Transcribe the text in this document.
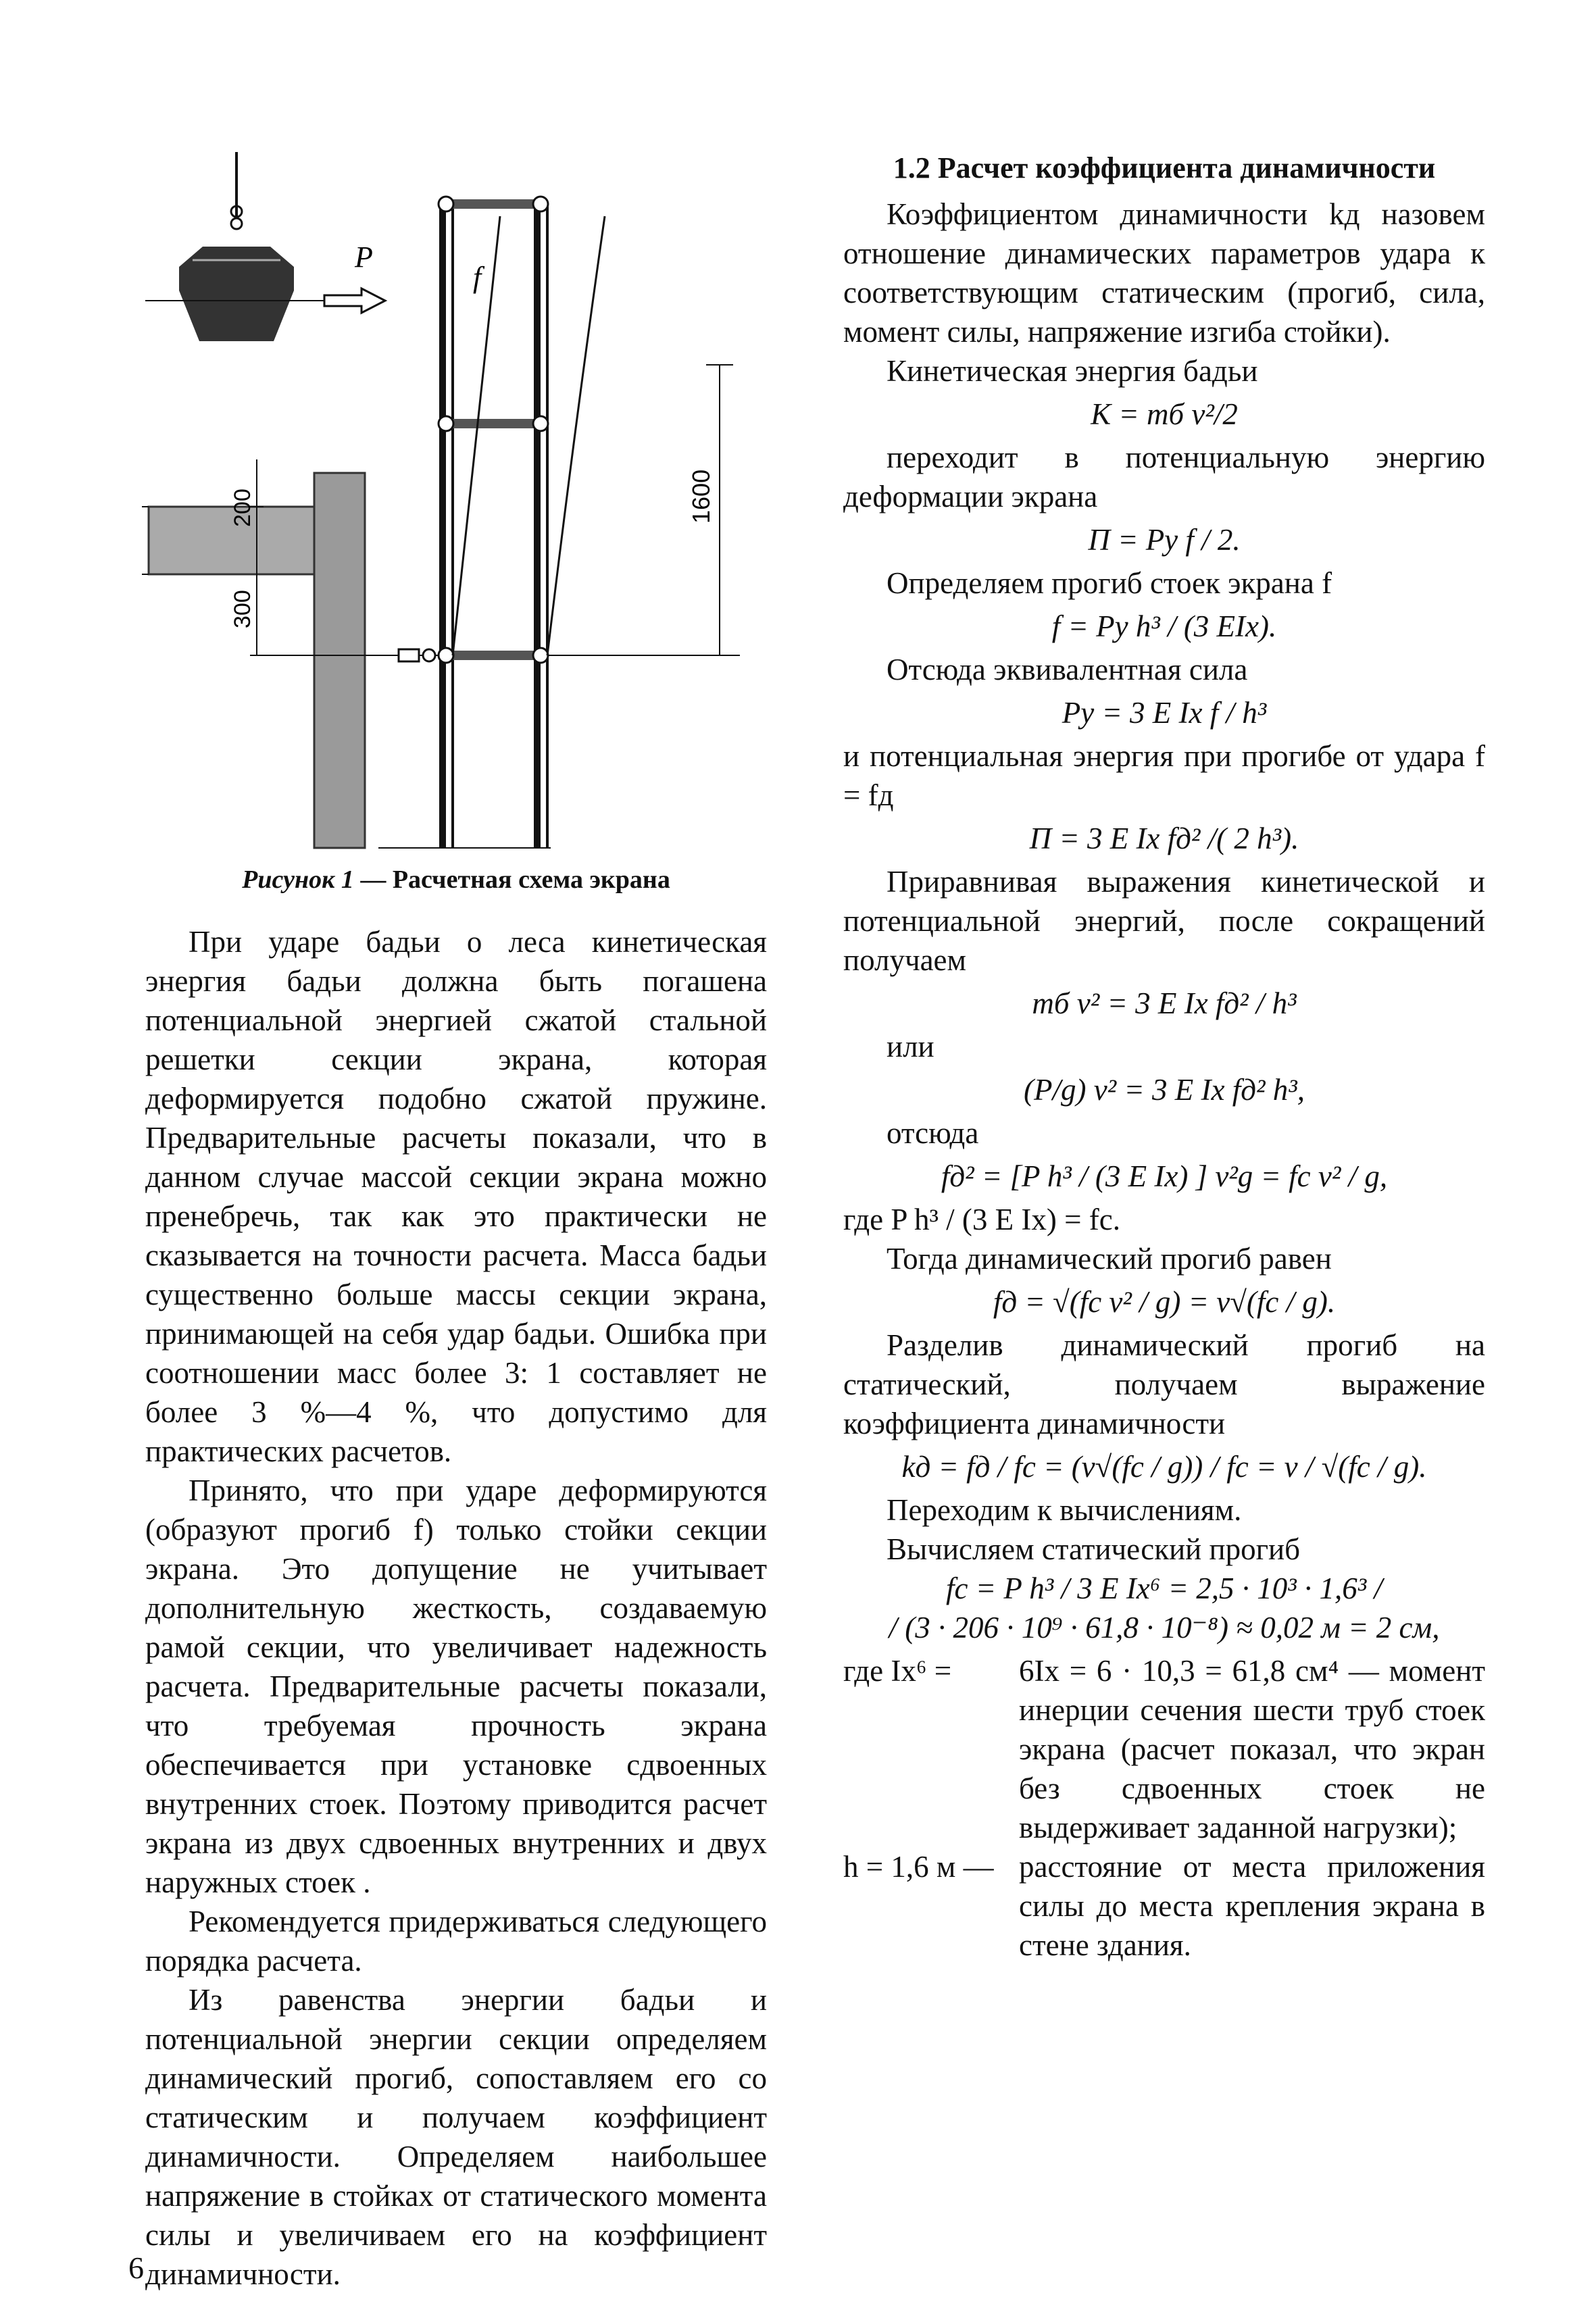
P
200
300
f
1600
Рисунок 1 — Расчетная схема экрана

При ударе бадьи о леса кинетическая энергия бадьи должна быть погашена потенциальной энергией сжатой стальной решетки секции экрана, которая деформируется подобно сжатой пружине. Предварительные расчеты показали, что в данном случае массой секции экрана можно пренебречь, так как это практически не сказывается на точности расчета. Масса бадьи существенно больше массы секции экрана, принимающей на себя удар бадьи. Ошибка при соотношении масс более 3: 1 составляет не более 3 %—4 %, что допустимо для практических расчетов.

Принято, что при ударе деформируются (образуют прогиб f) только стойки секции экрана. Это допущение не учитывает дополнительную жесткость, создаваемую рамой секции, что увеличивает надежность расчета. Предварительные расчеты показали, что требуемая прочность экрана обеспечивается при установке сдвоенных внутренних стоек. Поэтому приводится расчет экрана из двух сдвоенных внутренних и двух наружных стоек .

Рекомендуется придерживаться следующего порядка расчета.

Из равенства энергии бадьи и потенциальной энергии секции определяем динамический прогиб, сопоставляем его со статическим и получаем коэффициент динамичности. Определяем наибольшее напряжение в стойках от статического момента силы и увеличиваем его на коэффициент динамичности.

1.2 Расчет коэффициента динамичности

Коэффициентом динамичности kд назовем отношение динамических параметров удара к соответствующим статическим (прогиб, сила, момент силы, напряжение изгиба стойки).

Кинетическая энергия бадьи

K = mб v²/2

переходит в потенциальную энергию деформации экрана

П = Pу f / 2.

Определяем прогиб стоек экрана f

f = Pу h³ / (3 EIx).

Отсюда эквивалентная сила

Pу = 3 E Ix f / h³

и потенциальная энергия при прогибе от удара f = fд

П = 3 E Ix fд² /( 2 h³).

Приравнивая выражения кинетической и потенциальной энергий, после сокращений получаем

mб v² = 3 E Ix fд² / h³

или

(P/g) v² = 3 E Ix fд² h³,

отсюда

fд² = [P h³ / (3 E Ix) ] v²g = fс v² / g,

где P h³ / (3 E Ix) = fс.

Тогда динамический прогиб равен

fд = √(fс v² / g) = v√(fс / g).

Разделив динамический прогиб на статический, получаем выражение коэффициента динамичности

kд = fд / fс = (v√(fс / g)) / fс = v / √(fс / g).

Переходим к вычислениям.

Вычисляем статический прогиб

fс = P h³ / 3 E Ix⁶ = 2,5 · 10³ · 1,6³ /

/ (3 · 206 · 10⁹ · 61,8 · 10⁻⁸) ≈ 0,02 м = 2 см,

где Ix⁶ =	6Ix = 6 · 10,3 = 61,8 см⁴ — момент инерции сечения шести труб стоек экрана (расчет показал, что экран без сдвоенных стоек не выдерживает заданной нагрузки);
h = 1,6 м —	расстояние от места приложения силы до места крепления экрана в стене здания.
6
